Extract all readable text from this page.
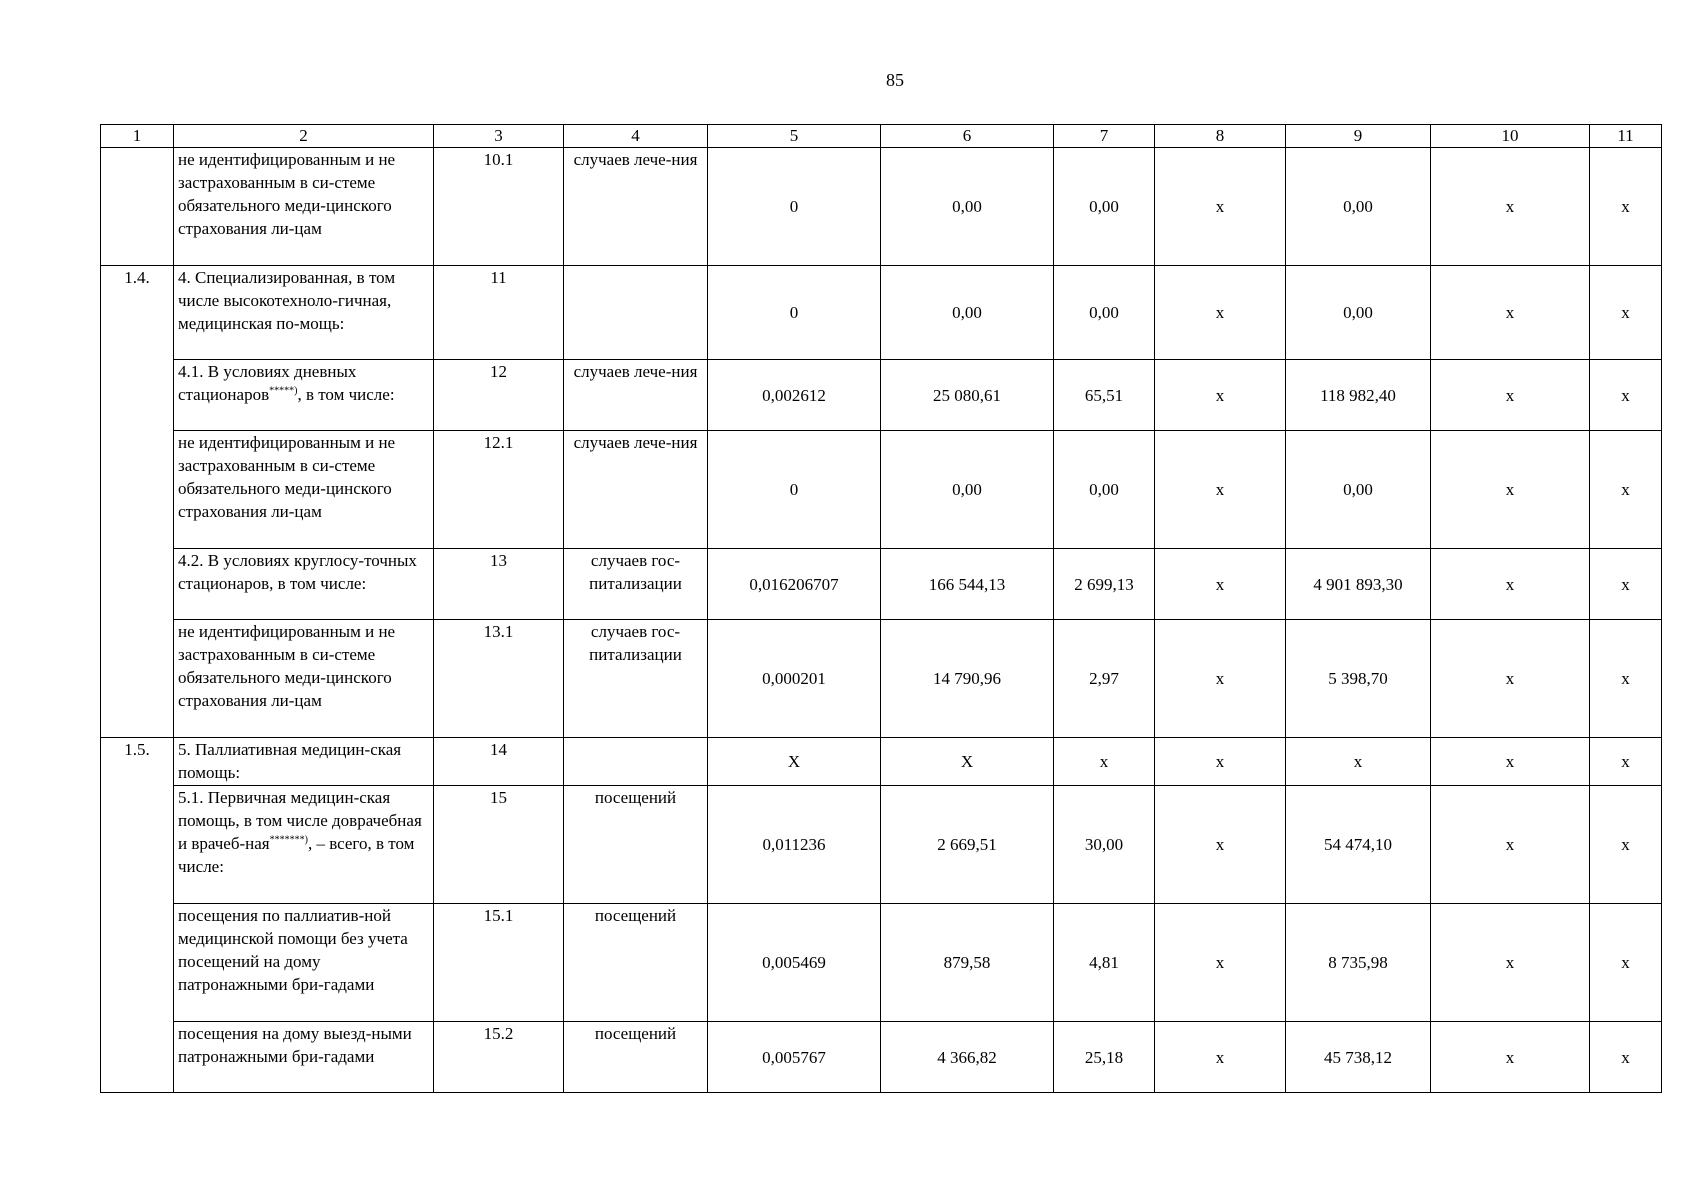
85
1	2	3	4	5	6	7	8	9	10	11
	не идентифицированным и не застрахованным в си-стеме обязательного меди-цинского страхования ли-цам	10.1	случаев лече-ния	0	0,00	0,00	х	0,00	х	х
1.4.	4. Специализированная, в том числе высокотехноло-гичная, медицинская по-мощь:	11		0	0,00	0,00	х	0,00	х	х
	4.1. В условиях дневных стационаров*****), в том числе:	12	случаев лече-ния	0,002612	25 080,61	65,51	х	118 982,40	х	х
	не идентифицированным и не застрахованным в си-стеме обязательного меди-цинского страхования ли-цам	12.1	случаев лече-ния	0	0,00	0,00	х	0,00	х	х
	4.2. В условиях круглосу-точных стационаров, в том числе:	13	случаев гос-питализации	0,016206707	166 544,13	2 699,13	х	4 901 893,30	х	х
	не идентифицированным и не застрахованным в си-стеме обязательного меди-цинского страхования ли-цам	13.1	случаев гос-питализации	0,000201	14 790,96	2,97	х	5 398,70	х	х
1.5.	5. Паллиативная медицин-ская помощь:	14		Х	Х	х	х	х	х	х
	5.1. Первичная медицин-ская помощь, в том числе доврачебная и врачеб-ная*******), – всего, в том числе:	15	посещений	0,011236	2 669,51	30,00	х	54 474,10	х	х
	посещения по паллиатив-ной медицинской помощи без учета посещений на дому патронажными бри-гадами	15.1	посещений	0,005469	879,58	4,81	х	8 735,98	х	х
	посещения на дому выезд-ными патронажными бри-гадами	15.2	посещений	0,005767	4 366,82	25,18	х	45 738,12	х	х
